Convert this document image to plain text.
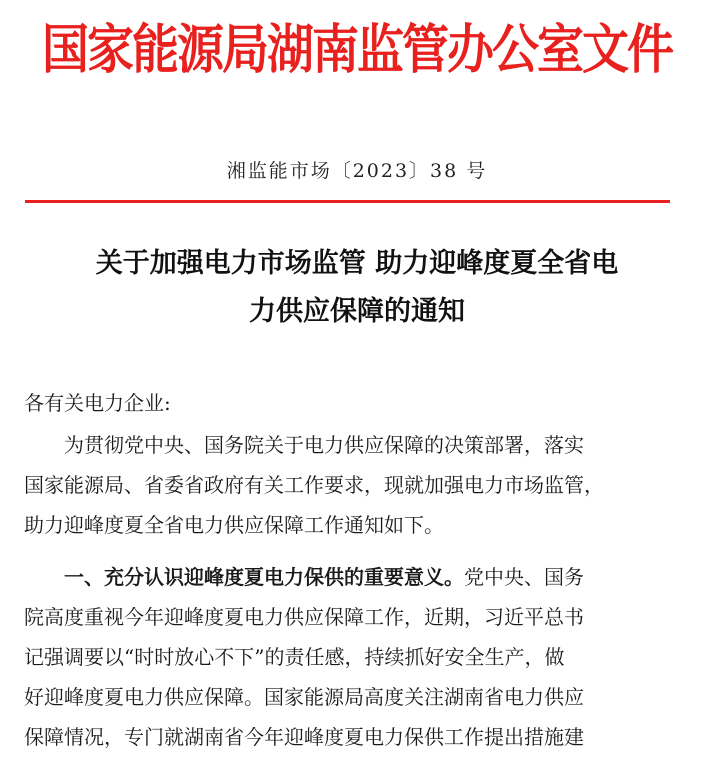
国家能源局湖南监管办公室文件
湘监能市场〔2023〕38 号
关于加强电力市场监管 助力迎峰度夏全省电
力供应保障的通知
各有关电力企业:
为贯彻党中央、国务院关于电力供应保障的决策部署，落实
国家能源局、省委省政府有关工作要求，现就加强电力市场监管，
助力迎峰度夏全省电力供应保障工作通知如下。
一、充分认识迎峰度夏电力保供的重要意义。党中央、国务
院高度重视今年迎峰度夏电力供应保障工作，近期，习近平总书
记强调要以“时时放心不下”的责任感，持续抓好安全生产，做
好迎峰度夏电力供应保障。国家能源局高度关注湖南省电力供应
保障情况，专门就湖南省今年迎峰度夏电力保供工作提出措施建
